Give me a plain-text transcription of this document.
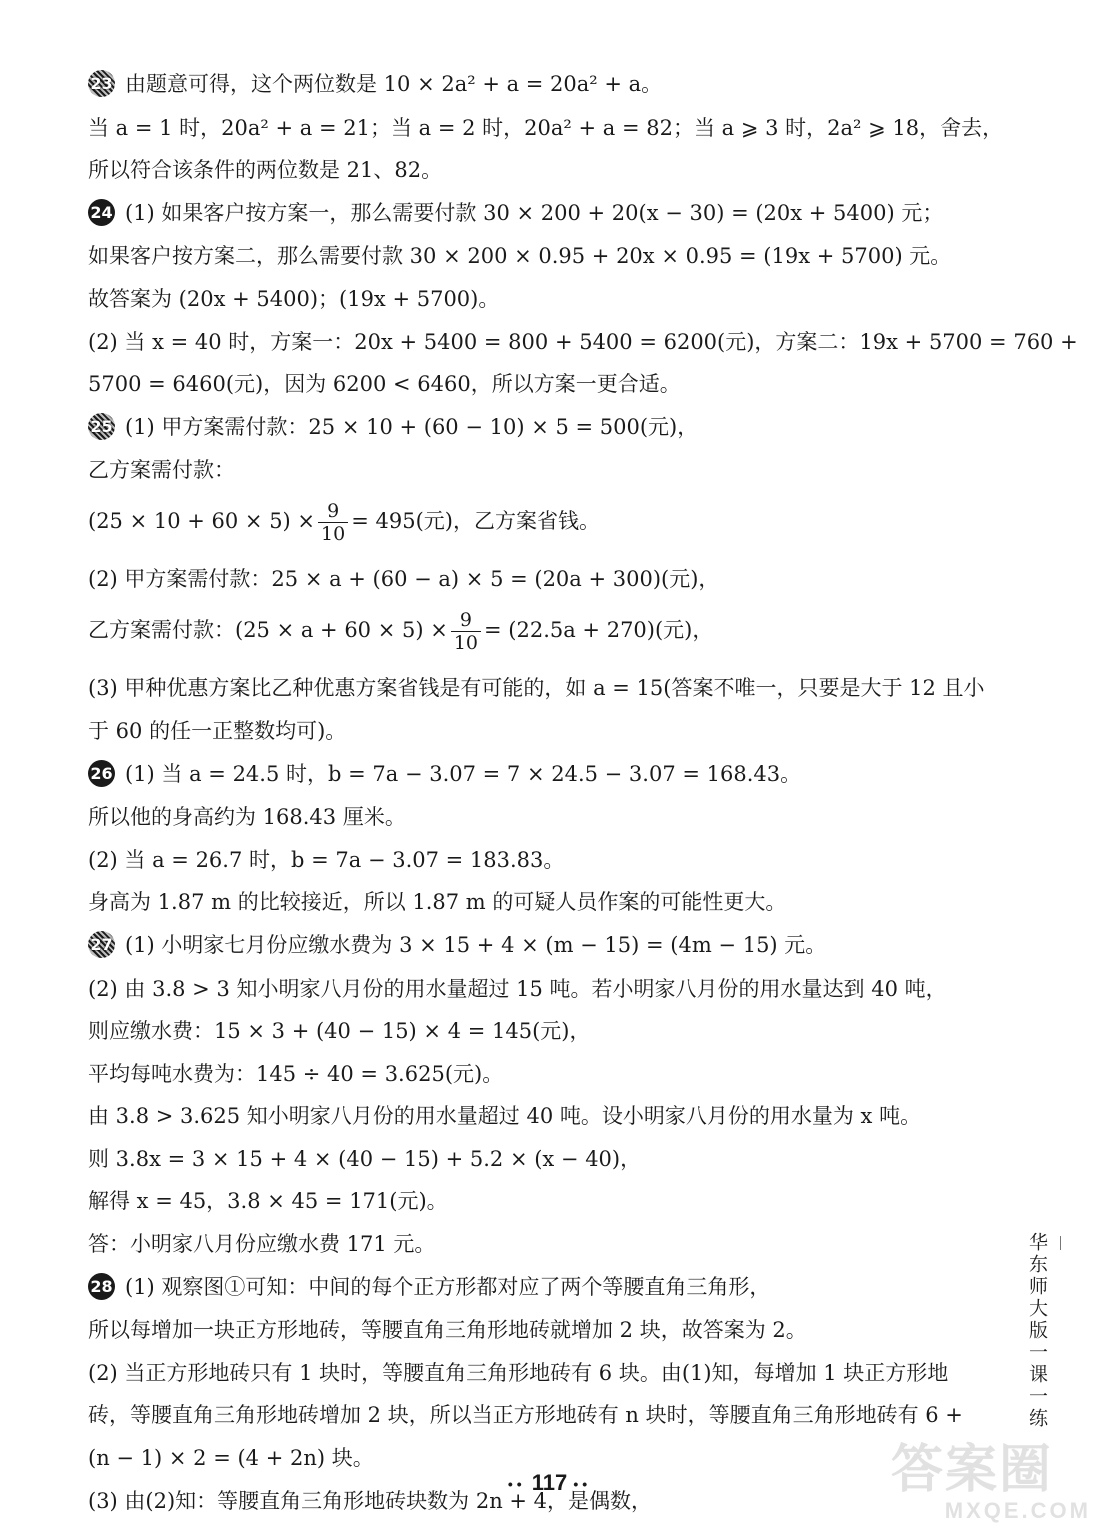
23 由题意可得，这个两位数是 10 × 2a² + a = 20a² + a。
当 a = 1 时，20a² + a = 21；当 a = 2 时，20a² + a = 82；当 a ⩾ 3 时，2a² ⩾ 18，舍去，
所以符合该条件的两位数是 21、82。
24 (1) 如果客户按方案一，那么需要付款 30 × 200 + 20(x − 30) = (20x + 5400) 元；
如果客户按方案二，那么需要付款 30 × 200 × 0.95 + 20x × 0.95 = (19x + 5700) 元。
故答案为 (20x + 5400)；(19x + 5700)。
(2) 当 x = 40 时，方案一：20x + 5400 = 800 + 5400 = 6200(元)，方案二：19x + 5700 = 760 +
5700 = 6460(元)，因为 6200 < 6460，所以方案一更合适。
25 (1) 甲方案需付款：25 × 10 + (60 − 10) × 5 = 500(元)，
乙方案需付款：
$(25 \times 10 + 60 \times 5) \times \frac{9}{10} = 495$(元)，乙方案省钱。
(2) 甲方案需付款：25 × a + (60 − a) × 5 = (20a + 300)(元)，
乙方案需付款：$(25 \times a + 60 \times 5) \times \frac{9}{10} = (22.5a + 270)$(元)，
(3) 甲种优惠方案比乙种优惠方案省钱是有可能的，如 a = 15(答案不唯一，只要是大于 12 且小
于 60 的任一正整数均可)。
26 (1) 当 a = 24.5 时，b = 7a − 3.07 = 7 × 24.5 − 3.07 = 168.43。
所以他的身高约为 168.43 厘米。
(2) 当 a = 26.7 时，b = 7a − 3.07 = 183.83。
身高为 1.87 m 的比较接近，所以 1.87 m 的可疑人员作案的可能性更大。
27 (1) 小明家七月份应缴水费为 3 × 15 + 4 × (m − 15) = (4m − 15) 元。
(2) 由 3.8 > 3 知小明家八月份的用水量超过 15 吨。若小明家八月份的用水量达到 40 吨，
则应缴水费：15 × 3 + (40 − 15) × 4 = 145(元)，
平均每吨水费为：145 ÷ 40 = 3.625(元)。
由 3.8 > 3.625 知小明家八月份的用水量超过 40 吨。设小明家八月份的用水量为 x 吨。
则 3.8x = 3 × 15 + 4 × (40 − 15) + 5.2 × (x − 40)，
解得 x = 45，3.8 × 45 = 171(元)。
答：小明家八月份应缴水费 171 元。
28 (1) 观察图①可知：中间的每个正方形都对应了两个等腰直角三角形，
所以每增加一块正方形地砖，等腰直角三角形地砖就增加 2 块，故答案为 2。
(2) 当正方形地砖只有 1 块时，等腰直角三角形地砖有 6 块。由(1)知，每增加 1 块正方形地
砖，等腰直角三角形地砖增加 2 块，所以当正方形地砖有 n 块时，等腰直角三角形地砖有 6 +
(n − 1) × 2 = (4 + 2n) 块。
(3) 由(2)知：等腰直角三角形地砖块数为 2n + 4，是偶数，
华东师大版一课一练
•• 117 ••	答案圈
MXQE.COM
